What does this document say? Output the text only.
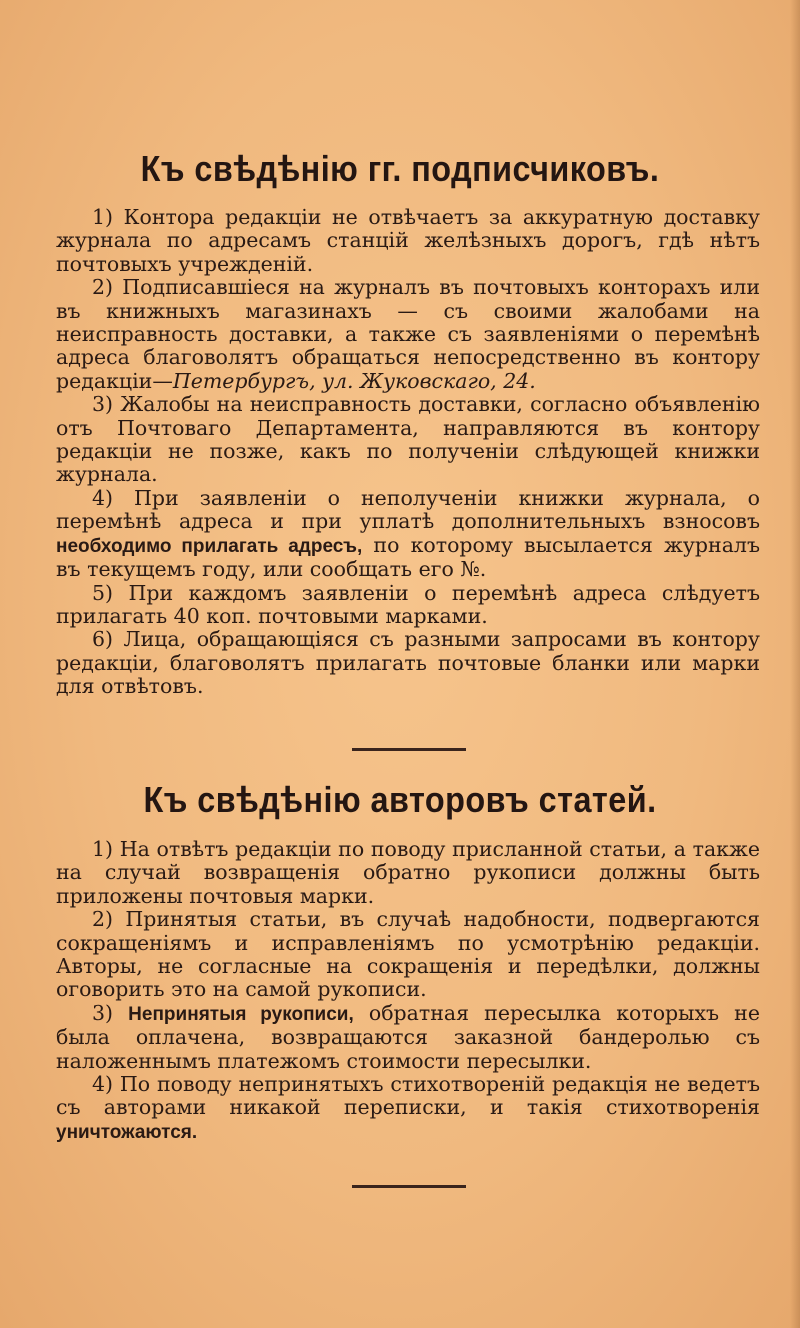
Къ свѣдѣнію гг. подписчиковъ.

1) Контора редакціи не отвѣчаетъ за аккуратную доставку журнала по адресамъ станцій желѣзныхъ дорогъ, гдѣ нѣтъ почтовыхъ учрежденій.

2) Подписавшіеся на журналъ въ почтовыхъ конторахъ или въ книжныхъ магазинахъ — съ своими жалобами на неисправность доставки, а также съ заявленіями о перемѣнѣ адреса благоволятъ обращаться непосредственно въ контору редакціи—Петербургъ, ул. Жуковскаго, 24.

3) Жалобы на неисправность доставки, согласно объявленію отъ Почтоваго Департамента, направляются въ контору редакціи не позже, какъ по полученіи слѣдующей книжки журнала.

4) При заявленіи о неполученіи книжки журнала, о перемѣнѣ адреса и при уплатѣ дополнительныхъ взносовъ необходимо прилагать адресъ, по которому высылается журналъ въ текущемъ году, или сообщать его №.

5) При каждомъ заявленіи о перемѣнѣ адреса слѣдуетъ прилагать 40 коп. почтовыми марками.

6) Лица, обращающіяся съ разными запросами въ контору редакціи, благоволятъ прилагать почтовые бланки или марки для отвѣтовъ.

Къ свѣдѣнію авторовъ статей.

1) На отвѣтъ редакціи по поводу присланной статьи, а также на случай возвращенія обратно рукописи должны быть приложены почтовыя марки.

2) Принятыя статьи, въ случаѣ надобности, подвергаются сокращеніямъ и исправленіямъ по усмотрѣнію редакціи. Авторы, не согласные на сокращенія и передѣлки, должны оговорить это на самой рукописи.

3) Непринятыя рукописи, обратная пересылка которыхъ не была оплачена, возвращаются заказной бандеролью съ наложеннымъ платежомъ стоимости пересылки.

4) По поводу непринятыхъ стихотвореній редакція не ведетъ съ авторами никакой переписки, и такія стихотворенія уничтожаются.
